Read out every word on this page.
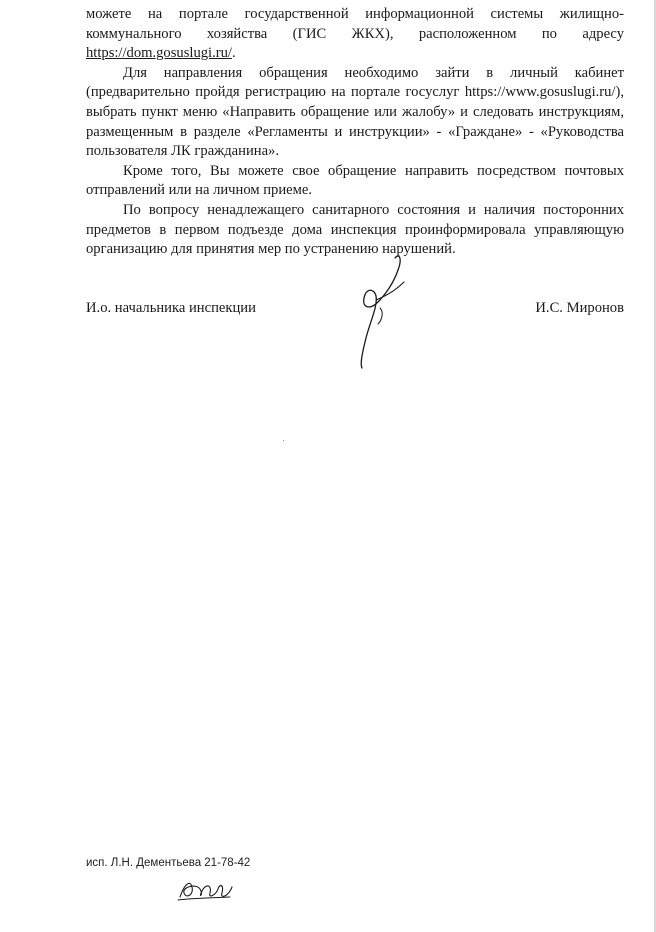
можете на портале государственной информационной системы жилищно-коммунального хозяйства (ГИС ЖКХ), расположенном по адресу https://dom.gosuslugi.ru/.

Для направления обращения необходимо зайти в личный кабинет (предварительно пройдя регистрацию на портале госуслуг https://www.gosuslugi.ru/), выбрать пункт меню «Направить обращение или жалобу» и следовать инструкциям, размещенным в разделе «Регламенты и инструкции» - «Граждане» - «Руководства пользователя ЛК гражданина».

Кроме того, Вы можете свое обращение направить посредством почтовых отправлений или на личном приеме.

По вопросу ненадлежащего санитарного состояния и наличия посторонних предметов в первом подъезде дома инспекция проинформировала управляющую организацию для принятия мер по устранению нарушений.

И.о. начальника инспекции	И.С. Миронов
исп. Л.Н. Дементьева 21-78-42
